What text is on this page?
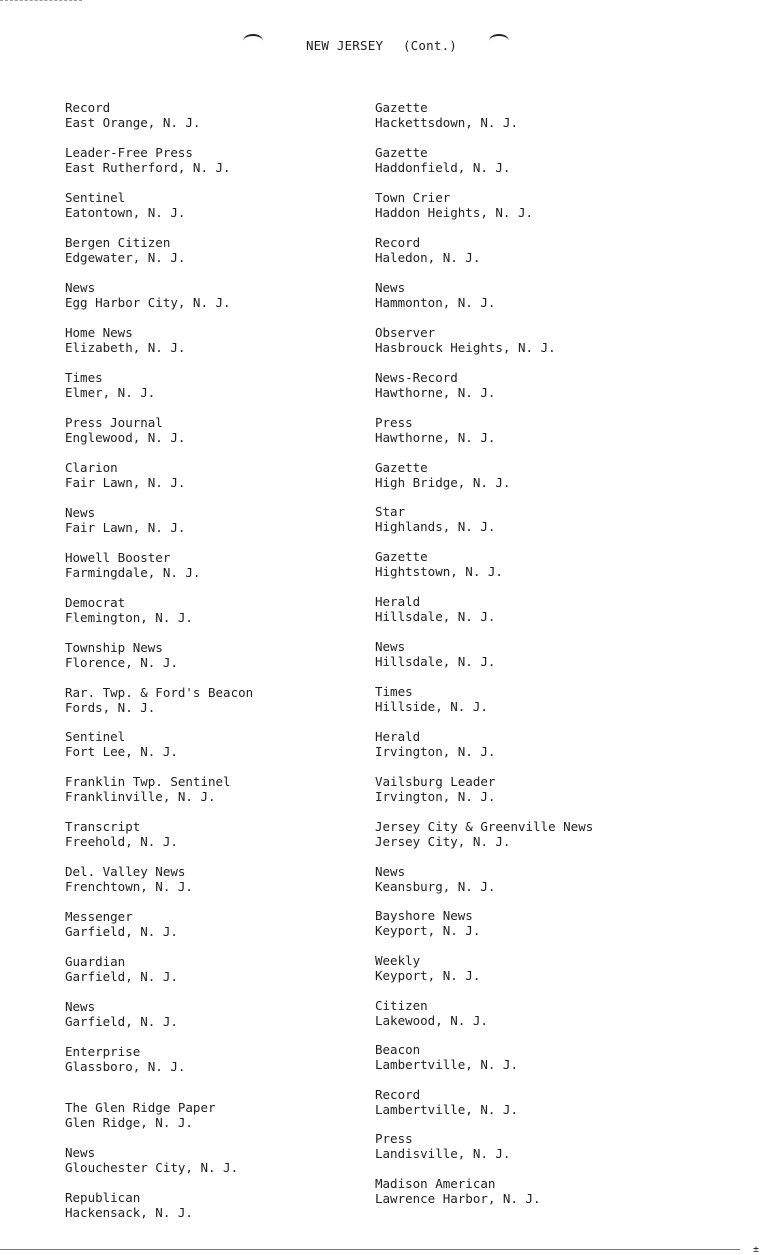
NEW JERSEY (Cont.)
Record
East Orange, N. J.
Leader-Free Press
East Rutherford, N. J.
Sentinel
Eatontown, N. J.
Bergen Citizen
Edgewater, N. J.
News
Egg Harbor City, N. J.
Home News
Elizabeth, N. J.
Times
Elmer, N. J.
Press Journal
Englewood, N. J.
Clarion
Fair Lawn, N. J.
News
Fair Lawn, N. J.
Howell Booster
Farmingdale, N. J.
Democrat
Flemington, N. J.
Township News
Florence, N. J.
Rar. Twp. & Ford's Beacon
Fords, N. J.
Sentinel
Fort Lee, N. J.
Franklin Twp. Sentinel
Franklinville, N. J.
Transcript
Freehold, N. J.
Del. Valley News
Frenchtown, N. J.
Messenger
Garfield, N. J.
Guardian
Garfield, N. J.
News
Garfield, N. J.
Enterprise
Glassboro, N. J.
The Glen Ridge Paper
Glen Ridge, N. J.
News
Glouchester City, N. J.
Republican
Hackensack, N. J.
Gazette
Hackettsdown, N. J.
Gazette
Haddonfield, N. J.
Town Crier
Haddon Heights, N. J.
Record
Haledon, N. J.
News
Hammonton, N. J.
Observer
Hasbrouck Heights, N. J.
News-Record
Hawthorne, N. J.
Press
Hawthorne, N. J.
Gazette
High Bridge, N. J.
Star
Highlands, N. J.
Gazette
Hightstown, N. J.
Herald
Hillsdale, N. J.
News
Hillsdale, N. J.
Times
Hillside, N. J.
Herald
Irvington, N. J.
Vailsburg Leader
Irvington, N. J.
Jersey City & Greenville News
Jersey City, N. J.
News
Keansburg, N. J.
Bayshore News
Keyport, N. J.
Weekly
Keyport, N. J.
Citizen
Lakewood, N. J.
Beacon
Lambertville, N. J.
Record
Lambertville, N. J.
Press
Landisville, N. J.
Madison American
Lawrence Harbor, N. J.
±
